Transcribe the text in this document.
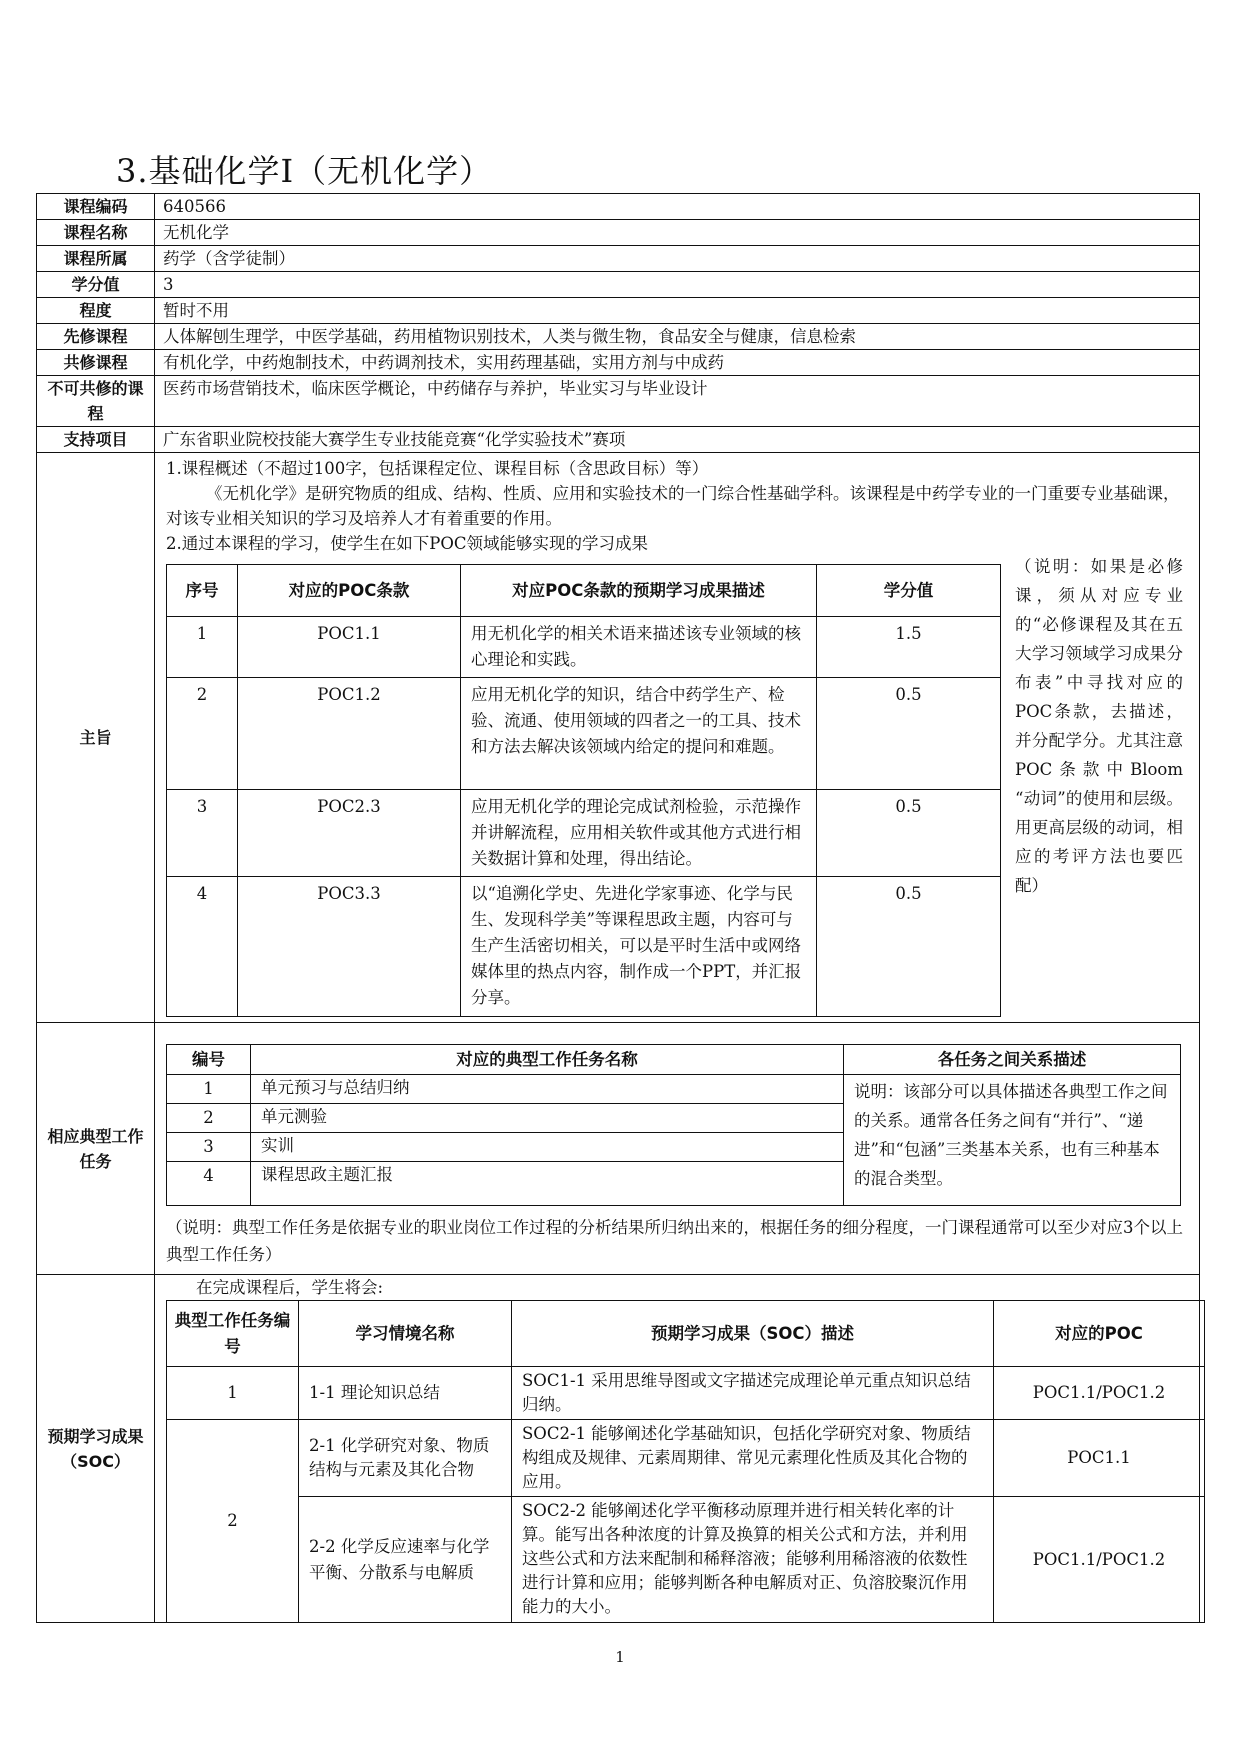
3.基础化学I（无机化学）
课程编码	640566
课程名称	无机化学
课程所属	药学（含学徒制）
学分值	3
程度	暂时不用
先修课程	人体解刨生理学，中医学基础，药用植物识别技术，人类与微生物，食品安全与健康，信息检索
共修课程	有机化学，中药炮制技术，中药调剂技术，实用药理基础，实用方剂与中成药
不可共修的课程	医药市场营销技术，临床医学概论，中药储存与养护，毕业实习与毕业设计
支持项目	广东省职业院校技能大赛学生专业技能竞赛“化学实验技术”赛项
主旨	

1.课程概述（不超过100字，包括课程定位、课程目标（含思政目标）等）

《无机化学》是研究物质的组成、结构、性质、应用和实验技术的一门综合性基础学科。该课程是中药学专业的一门重要专业基础课，对该专业相关知识的学习及培养人才有着重要的作用。

2.通过本课程的学习，使学生在如下POC领域能够实现的学习成果

序号	对应的POC条款	对应POC条款的预期学习成果描述	学分值
1	POC1.1	用无机化学的相关术语来描述该专业领域的核心理论和实践。	1.5
2	POC1.2	应用无机化学的知识，结合中药学生产、检验、流通、使用领域的四者之一的工具、技术和方法去解决该领域内给定的提问和难题。	0.5
3	POC2.3	应用无机化学的理论完成试剂检验，示范操作并讲解流程，应用相关软件或其他方式进行相关数据计算和处理，得出结论。	0.5
4	POC3.3	以“追溯化学史、先进化学家事迹、化学与民生、发现科学美”等课程思政主题，内容可与生产生活密切相关，可以是平时生活中或网络媒体里的热点内容，制作成一个PPT，并汇报分享。	0.5
（说明：如果是必修课，须从对应专业的“必修课程及其在五大学习领域学习成果分布表”中寻找对应的POC条款，去描述，并分配学分。尤其注意POC条款中Bloom “动词”的使用和层级。用更高层级的动词，相应的考评方法也要匹配）

相应典型工作任务	
编号	对应的典型工作任务名称	各任务之间关系描述
1	单元预习与总结归纳	说明：该部分可以具体描述各典型工作之间的关系。通常各任务之间有“并行”、“递进”和“包涵”三类基本关系，也有三种基本的混合类型。
2	单元测验
3	实训
4	课程思政主题汇报

（说明：典型工作任务是依据专业的职业岗位工作过程的分析结果所归纳出来的，根据任务的细分程度，一门课程通常可以至少对应3个以上典型工作任务）

预期学习成果（SOC）	

在完成课程后，学生将会:

典型工作任务编号	学习情境名称	预期学习成果（SOC）描述	对应的POC
1	1-1 理论知识总结	SOC1-1 采用思维导图或文字描述完成理论单元重点知识总结归纳。	POC1.1/POC1.2
2	2-1 化学研究对象、物质结构与元素及其化合物	SOC2-1 能够阐述化学基础知识，包括化学研究对象、物质结构组成及规律、元素周期律、常见元素理化性质及其化合物的应用。	POC1.1
2-2 化学反应速率与化学平衡、分散系与电解质	SOC2-2 能够阐述化学平衡移动原理并进行相关转化率的计算。能写出各种浓度的计算及换算的相关公式和方法，并利用这些公式和方法来配制和稀释溶液；能够利用稀溶液的依数性进行计算和应用；能够判断各种电解质对正、负溶胶聚沉作用能力的大小。	POC1.1/POC1.2
1
